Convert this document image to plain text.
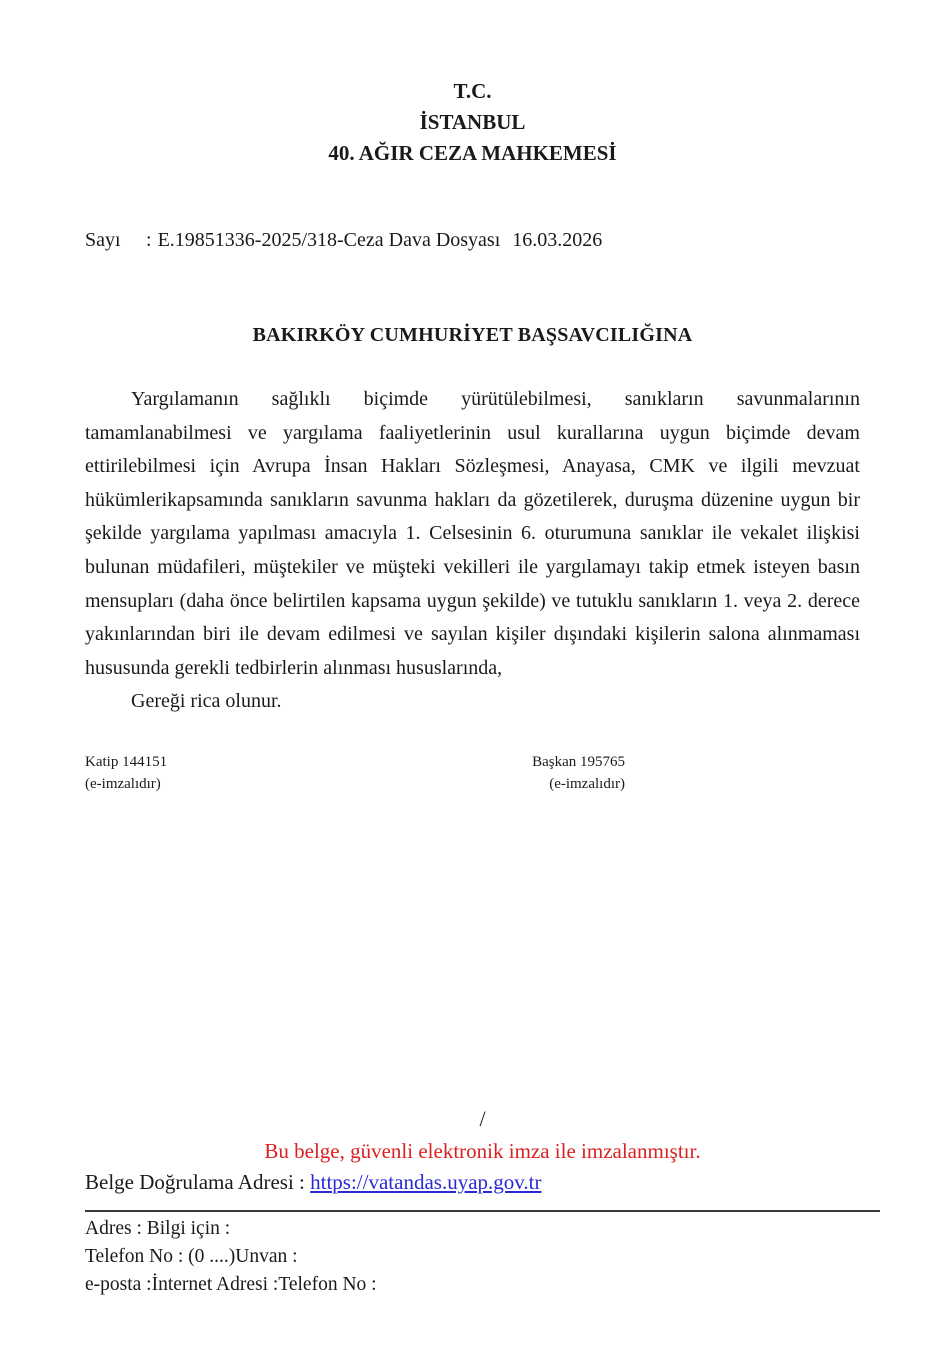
T.C.
İSTANBUL
40. AĞIR CEZA MAHKEMESİ
Sayı : E.19851336-2025/318-Ceza Dava Dosyası 16.03.2026
BAKIRKÖY CUMHURİYET BAŞSAVCILIĞINA

Yargılamanın sağlıklı biçimde yürütülebilmesi, sanıkların savunmalarının tamamlanabilmesi ve yargılama faaliyetlerinin usul kurallarına uygun biçimde devam ettirilebilmesi için Avrupa İnsan Hakları Sözleşmesi, Anayasa, CMK ve ilgili mevzuat hükümlerikapsamında sanıkların savunma hakları da gözetilerek, duruşma düzenine uygun bir şekilde yargılama yapılması amacıyla 1. Celsesinin 6. oturumuna sanıklar ile vekalet ilişkisi bulunan müdafileri, müştekiler ve müşteki vekilleri ile yargılamayı takip etmek isteyen basın mensupları (daha önce belirtilen kapsama uygun şekilde) ve tutuklu sanıkların 1. veya 2. derece yakınlarından biri ile devam edilmesi ve sayılan kişiler dışındaki kişilerin salona alınmaması hususunda gerekli tedbirlerin alınması hususlarında,

Gereği rica olunur.

Katip 144151
(e-imzalıdır)
Başkan 195765
(e-imzalıdır)
/
Bu belge, güvenli elektronik imza ile imzalanmıştır.
Belge Doğrulama Adresi : https://vatandas.uyap.gov.tr
Adres : Bilgi için :
Telefon No : (0 ....)Unvan :
e-posta :İnternet Adresi :Telefon No :
